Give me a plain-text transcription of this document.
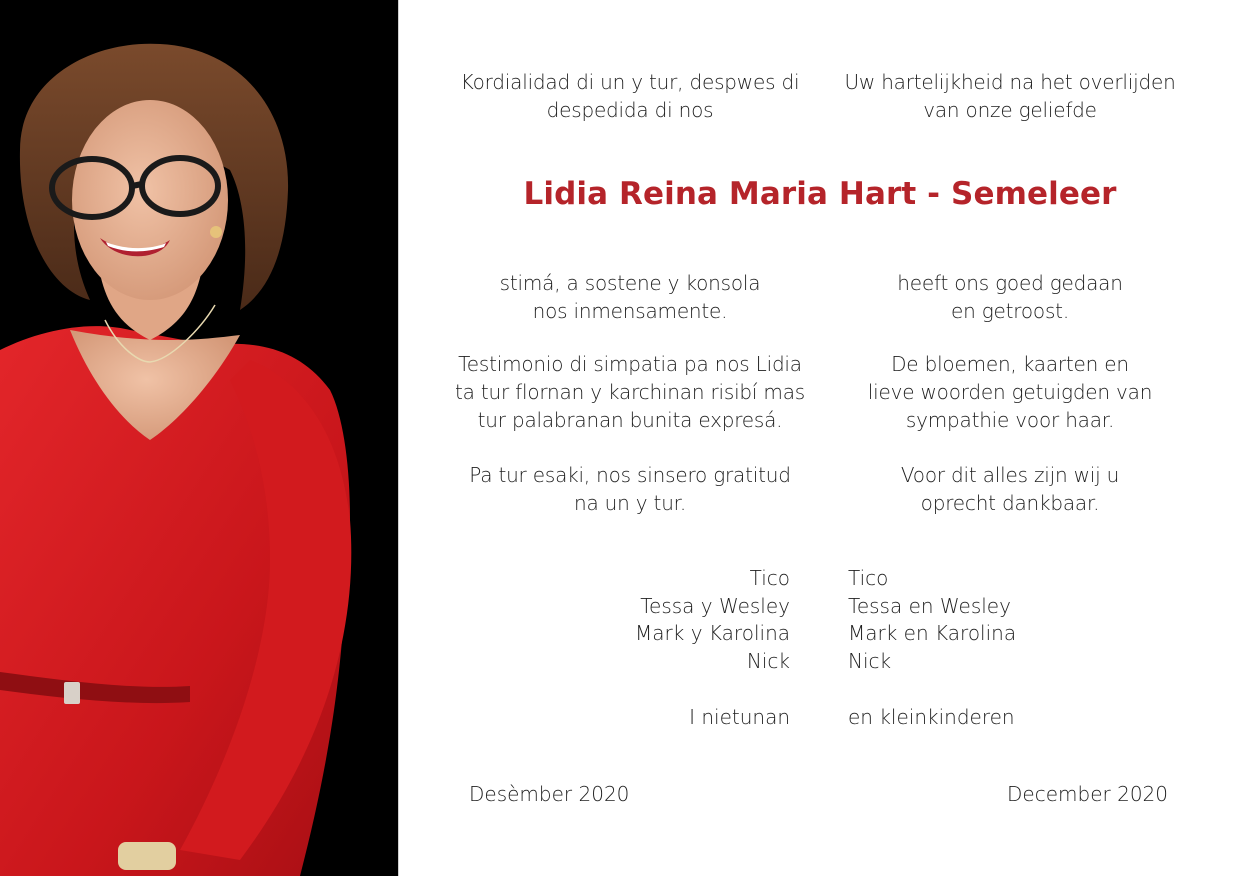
Kordialidad di un y tur, despwes di
despedida di nos

Uw hartelijkheid na het overlijden
van onze geliefde

Lidia Reina Maria Hart - Semeleer

stimá, a sostene y konsola
nos inmensamente.

heeft ons goed gedaan
en getroost.

Testimonio di simpatia pa nos Lidia
ta tur flornan y karchinan risibí mas
tur palabranan bunita expresá.

De bloemen, kaarten en
lieve woorden getuigden van
sympathie voor haar.

Pa tur esaki, nos sinsero gratitud
na un y tur.

Voor dit alles zijn wij u
oprecht dankbaar.

Tico
Tessa y Wesley
Mark y Karolina
Nick
Tico
Tessa en Wesley
Mark en Karolina
Nick

I nietunan	en kleinkinderen

Desèmber 2020	December 2020
